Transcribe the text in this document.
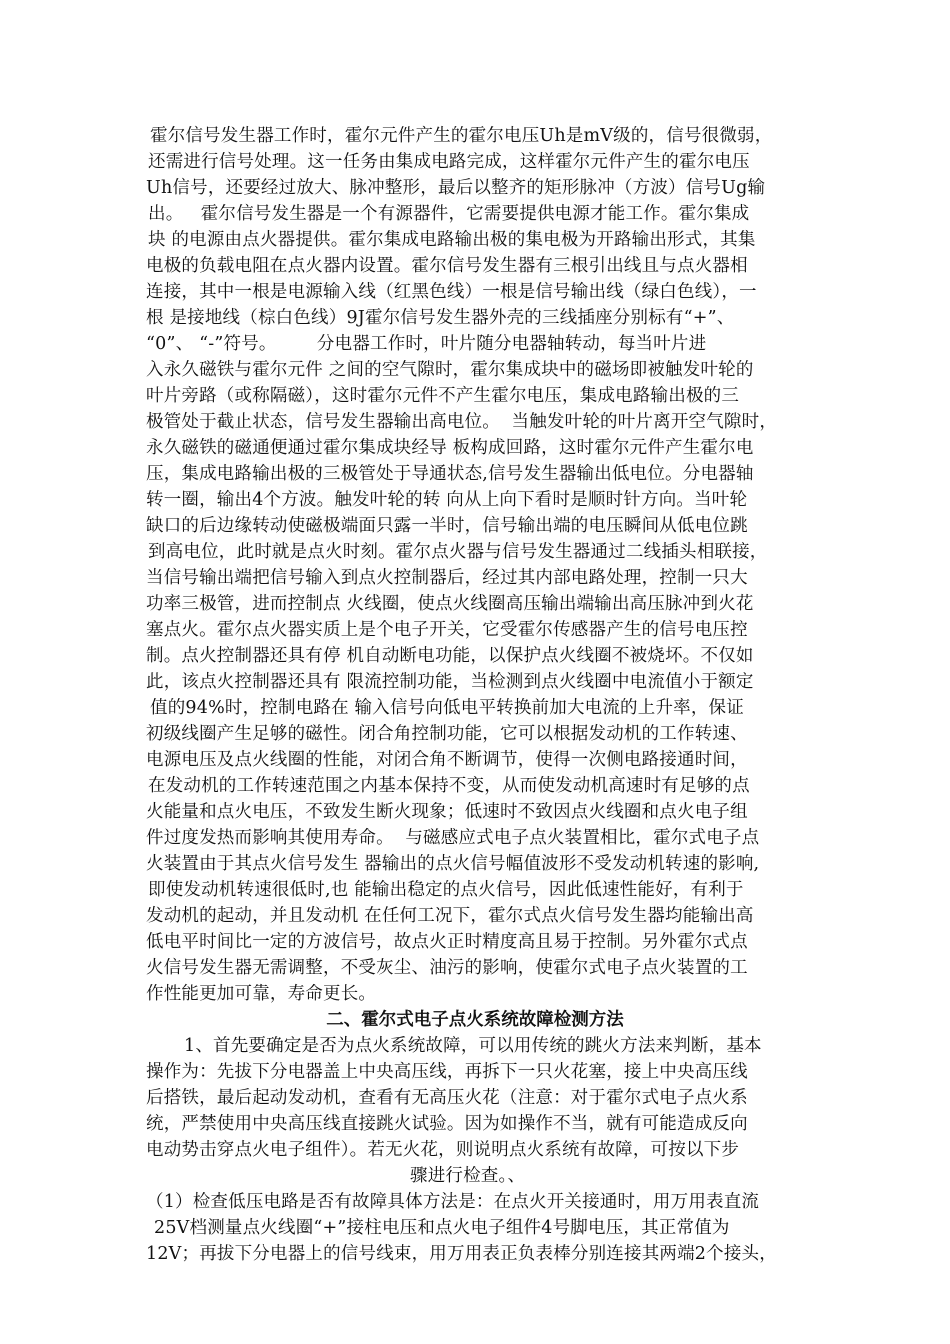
霍尔信号发生器工作时，霍尔元件产生的霍尔电压Uh是mV级的，信号很微弱，
还需进行信号处理。这一任务由集成电路完成，这样霍尔元件产生的霍尔电压
Uh信号，还要经过放大、脉冲整形，最后以整齐的矩形脉冲（方波）信号Ug输
出。   霍尔信号发生器是一个有源器件，它需要提供电源才能工作。霍尔集成
块 的电源由点火器提供。霍尔集成电路输出极的集电极为开路输出形式，其集
电极的负载电阻在点火器内设置。霍尔信号发生器有三根引出线且与点火器相
连接，其中一根是电源输入线（红黑色线）一根是信号输出线（绿白色线），一
根 是接地线（棕白色线）9J霍尔信号发生器外壳的三线插座分别标有“+”、
“0”、 “-”符号。       分电器工作时，叶片随分电器轴转动，每当叶片进
入永久磁铁与霍尔元件 之间的空气隙时，霍尔集成块中的磁场即被触发叶轮的
叶片旁路（或称隔磁），这时霍尔元件不产生霍尔电压，集成电路输出极的三
极管处于截止状态，信号发生器输出高电位。  当触发叶轮的叶片离开空气隙时，
永久磁铁的磁通便通过霍尔集成块经导 板构成回路，这时霍尔元件产生霍尔电
压，集成电路输出极的三极管处于导通状态,信号发生器输出低电位。分电器轴
转一圈，输出4个方波。触发叶轮的转 向从上向下看时是顺时针方向。当叶轮
缺口的后边缘转动使磁极端面只露一半时，信号输出端的电压瞬间从低电位跳
到高电位，此时就是点火时刻。霍尔点火器与信号发生器通过二线插头相联接，
当信号输出端把信号输入到点火控制器后，经过其内部电路处理，控制一只大
功率三极管，进而控制点 火线圈，使点火线圈高压输出端输出高压脉冲到火花
塞点火。霍尔点火器实质上是个电子开关，它受霍尔传感器产生的信号电压控
制。点火控制器还具有停 机自动断电功能，以保护点火线圈不被烧坏。不仅如
此，该点火控制器还具有 限流控制功能，当检测到点火线圈中电流值小于额定
值的94%时，控制电路在 输入信号向低电平转换前加大电流的上升率，保证
初级线圈产生足够的磁性。闭合角控制功能，它可以根据发动机的工作转速、
电源电压及点火线圈的性能，对闭合角不断调节，使得一次侧电路接通时间，
在发动机的工作转速范围之内基本保持不变，从而使发动机高速时有足够的点
火能量和点火电压，不致发生断火现象；低速时不致因点火线圈和点火电子组
件过度发热而影响其使用寿命。  与磁感应式电子点火装置相比，霍尔式电子点
火装置由于其点火信号发生 器输出的点火信号幅值波形不受发动机转速的影响,
即使发动机转速很低时,也 能输出稳定的点火信号，因此低速性能好，有利于
发动机的起动，并且发动机 在任何工况下，霍尔式点火信号发生器均能输出高
低电平时间比一定的方波信号，故点火正时精度高且易于控制。另外霍尔式点
火信号发生器无需调整，不受灰尘、油污的影响，使霍尔式电子点火装置的工
作性能更加可靠，寿命更长。
二、霍尔式电子点火系统故障检测方法
1、首先要确定是否为点火系统故障，可以用传统的跳火方法来判断，基本
操作为：先拔下分电器盖上中央高压线，再拆下一只火花塞，接上中央高压线
后搭铁，最后起动发动机，查看有无高压火花（注意：对于霍尔式电子点火系
统，严禁使用中央高压线直接跳火试验。因为如操作不当，就有可能造成反向
电动势击穿点火电子组件）。若无火花，则说明点火系统有故障，可按以下步
骤进行检查。、
（1）检查低压电路是否有故障具体方法是：在点火开关接通时，用万用表直流
25V档测量点火线圈“+”接柱电压和点火电子组件4号脚电压，其正常值为
12V；再拔下分电器上的信号线束，用万用表正负表棒分别连接其两端2个接头，
